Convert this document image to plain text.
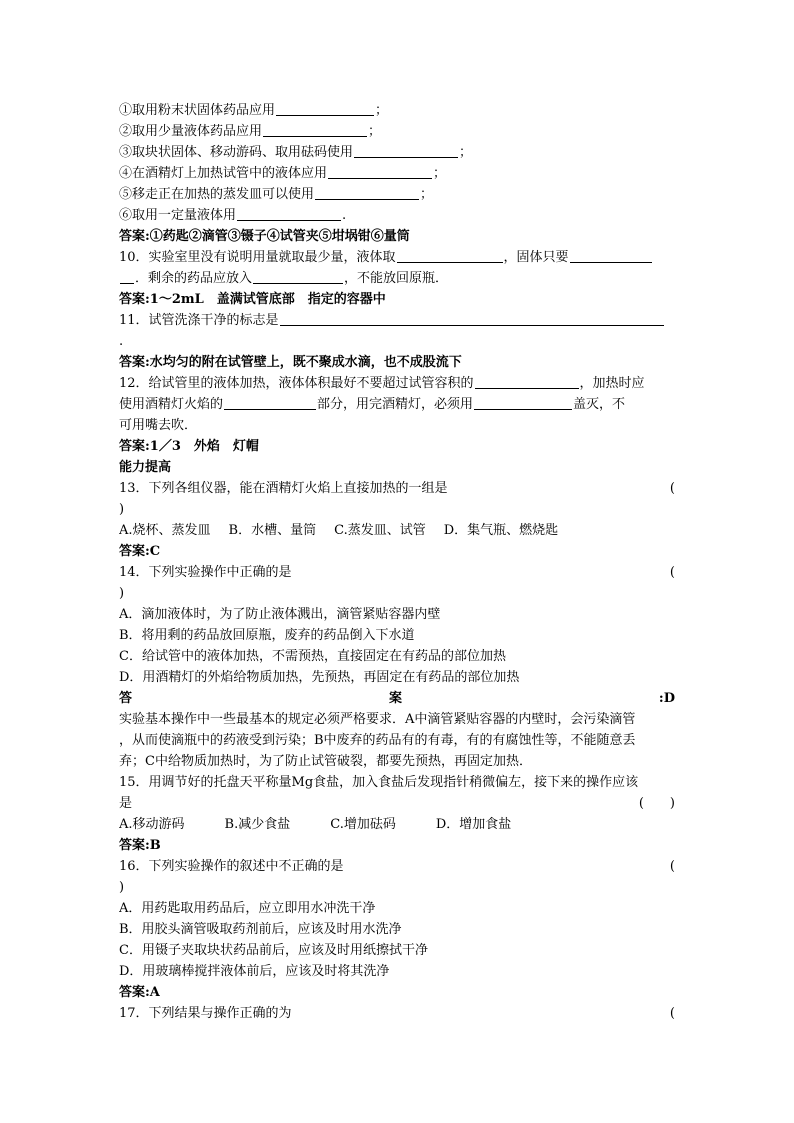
①取用粉末状固体药品应用	；
②取用少量液体药品应用	；
③取块状固体、移动游码、取用砝码使用	；
④在酒精灯上加热试管中的液体应用	；
⑤移走正在加热的蒸发皿可以使用	；
⑥取用一定量液体用	.
答案:①药匙②滴管③镊子④试管夹⑤坩埚钳⑥量筒
10．实验室里没有说明用量就取最少量，液体取	，固体只要
．剩余的药品应放入	，不能放回原瓶．
答案:1～2mL　盖满试管底部　指定的容器中
11．试管洗涤干净的标志是
.
答案:水均匀的附在试管壁上，既不聚成水滴，也不成股流下
12．给试管里的液体加热，液体体积最好不要超过试管容积的	，加热时应
使用酒精灯火焰的	部分，用完酒精灯，必须用	盖灭，不
可用嘴去吹．
答案:1／3　外焰　灯帽
能力提高
13．下列各组仪器，能在酒精灯火焰上直接加热的一组是	(
)
A.烧杯、蒸发皿 B．水槽、量筒 C.蒸发皿、试管 D．集气瓶、燃烧匙
答案:C
14．下列实验操作中正确的是	(
)
A．滴加液体时，为了防止液体溅出，滴管紧贴容器内壁
B．将用剩的药品放回原瓶，废弃的药品倒入下水道
C．给试管中的液体加热，不需预热，直接固定在有药品的部位加热
D．用酒精灯的外焰给物质加热，先预热，再固定在有药品的部位加热
答	案	:D
实验基本操作中一些最基本的规定必须严格要求．A中滴管紧贴容器的内壁时，会污染滴管
，从而使滴瓶中的药液受到污染；B中废弃的药品有的有毒，有的有腐蚀性等，不能随意丢
弃；C中给物质加热时，为了防止试管破裂，都要先预热，再固定加热．
15．用调节好的托盘天平称量Mg食盐，加入食盐后发现指针稍微偏左，接下来的操作应该
是	(　　)
A.移动游码	B.减少食盐	C.增加砝码	D．增加食盐
答案:B
16．下列实验操作的叙述中不正确的是	(
)
A．用药匙取用药品后，应立即用水冲洗干净
B．用胶头滴管吸取药剂前后，应该及时用水洗净
C．用镊子夹取块状药品前后，应该及时用纸擦拭干净
D．用玻璃棒搅拌液体前后，应该及时将其洗净
答案:A
17．下列结果与操作正确的为	(
